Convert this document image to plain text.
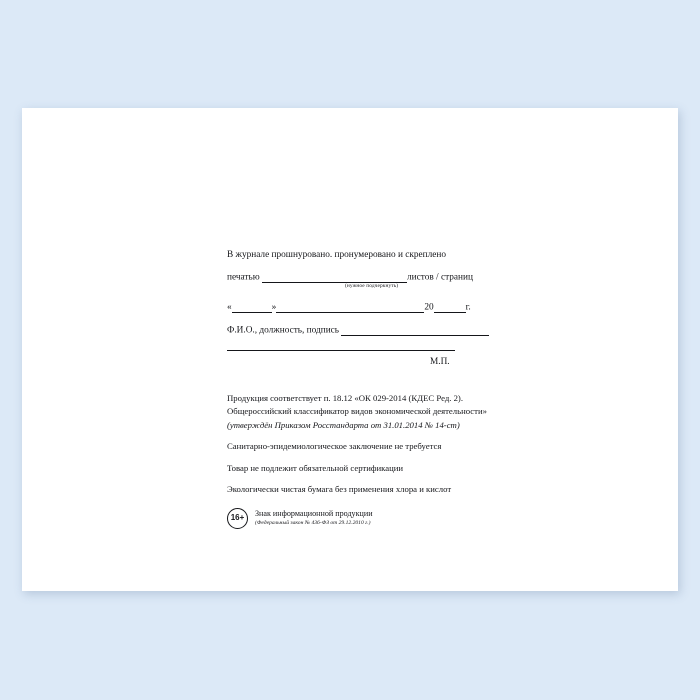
В журнале прошнуровано. пронумеровано и скреплено
печатью	листов / страниц
(нужное подчеркнуть)
«	»	20	г.
Ф.И.О., должность, подпись
М.П.
Продукция соответствует п. 18.12 «ОК 029-2014 (КДЕС Ред. 2).
Общероссийский классификатор видов экономической деятельности»
(утверждён Приказом Росстандарта от 31.01.2014 № 14-ст)
Санитарно-эпидемиологическое заключение не требуется
Товар не подлежит обязательной сертификации
Экологически чистая бумага без применения хлора и кислот
16+	Знак информационной продукции
(Федеральный закон № 436-ФЗ от 29.12.2010 г.)
